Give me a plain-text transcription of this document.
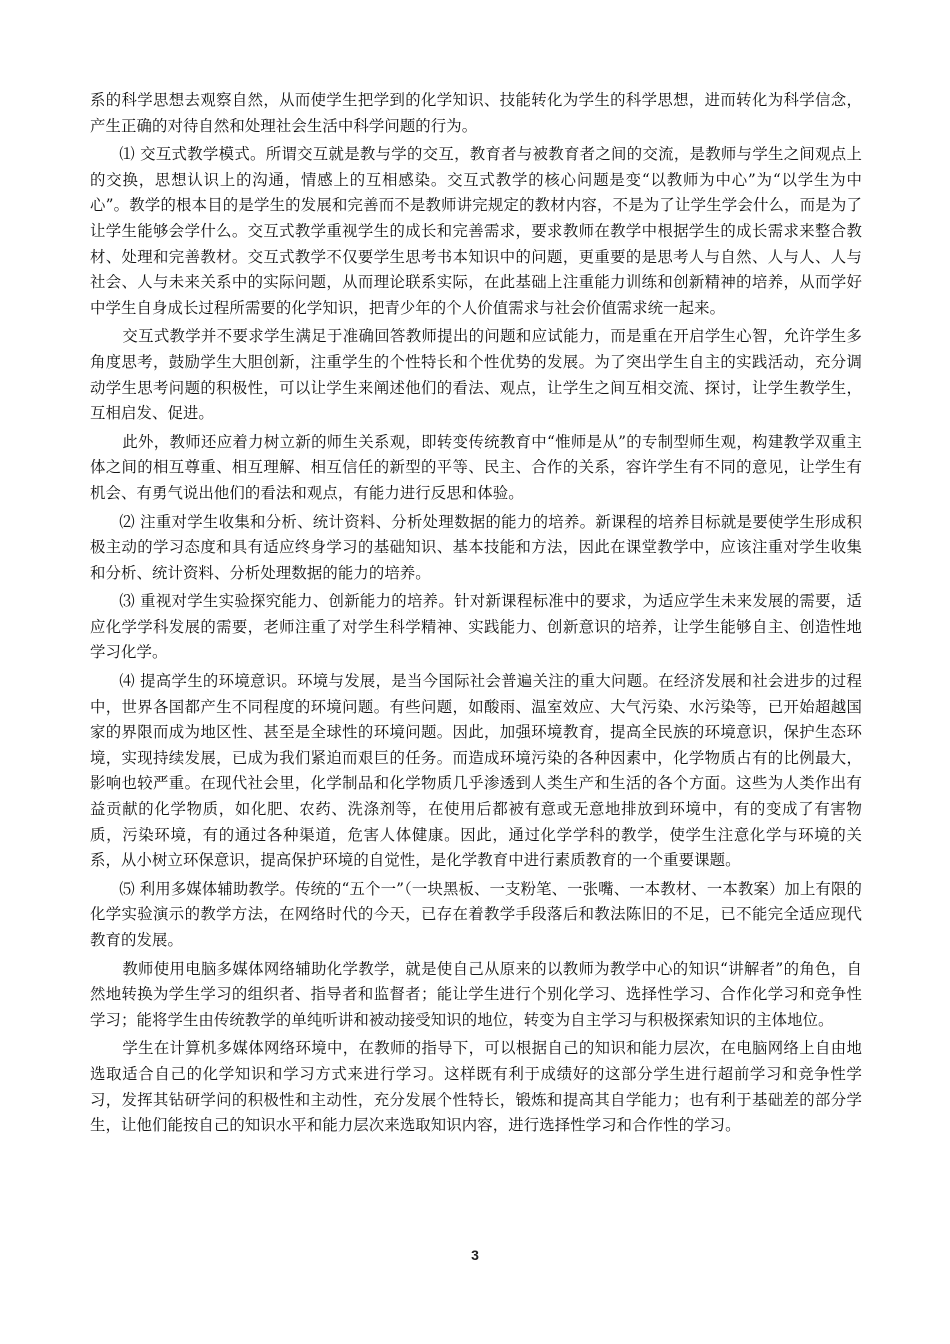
系的科学思想去观察自然，从而使学生把学到的化学知识、技能转化为学生的科学思想，进而转化为科学信念，产生正确的对待自然和处理社会生活中科学问题的行为。

⑴ 交互式教学模式。所谓交互就是教与学的交互，教育者与被教育者之间的交流，是教师与学生之间观点上的交换，思想认识上的沟通，情感上的互相感染。交互式教学的核心问题是变“以教师为中心”为“以学生为中心”。教学的根本目的是学生的发展和完善而不是教师讲完规定的教材内容，不是为了让学生学会什么，而是为了让学生能够会学什么。交互式教学重视学生的成长和完善需求，要求教师在教学中根据学生的成长需求来整合教材、处理和完善教材。交互式教学不仅要学生思考书本知识中的问题，更重要的是思考人与自然、人与人、人与社会、人与未来关系中的实际问题，从而理论联系实际，在此基础上注重能力训练和创新精神的培养，从而学好中学生自身成长过程所需要的化学知识，把青少年的个人价值需求与社会价值需求统一起来。

交互式教学并不要求学生满足于准确回答教师提出的问题和应试能力，而是重在开启学生心智，允许学生多角度思考，鼓励学生大胆创新，注重学生的个性特长和个性优势的发展。为了突出学生自主的实践活动，充分调动学生思考问题的积极性，可以让学生来阐述他们的看法、观点，让学生之间互相交流、探讨，让学生教学生，互相启发、促进。

此外，教师还应着力树立新的师生关系观，即转变传统教育中“惟师是从”的专制型师生观，构建教学双重主体之间的相互尊重、相互理解、相互信任的新型的平等、民主、合作的关系，容许学生有不同的意见，让学生有机会、有勇气说出他们的看法和观点，有能力进行反思和体验。

⑵ 注重对学生收集和分析、统计资料、分析处理数据的能力的培养。新课程的培养目标就是要使学生形成积极主动的学习态度和具有适应终身学习的基础知识、基本技能和方法，因此在课堂教学中，应该注重对学生收集和分析、统计资料、分析处理数据的能力的培养。

⑶ 重视对学生实验探究能力、创新能力的培养。针对新课程标准中的要求，为适应学生未来发展的需要，适应化学学科发展的需要，老师注重了对学生科学精神、实践能力、创新意识的培养，让学生能够自主、创造性地学习化学。

⑷ 提高学生的环境意识。环境与发展，是当今国际社会普遍关注的重大问题。在经济发展和社会进步的过程中，世界各国都产生不同程度的环境问题。有些问题，如酸雨、温室效应、大气污染、水污染等，已开始超越国家的界限而成为地区性、甚至是全球性的环境问题。因此，加强环境教育，提高全民族的环境意识，保护生态环境，实现持续发展，已成为我们紧迫而艰巨的任务。而造成环境污染的各种因素中，化学物质占有的比例最大，影响也较严重。在现代社会里，化学制品和化学物质几乎渗透到人类生产和生活的各个方面。这些为人类作出有益贡献的化学物质，如化肥、农药、洗涤剂等，在使用后都被有意或无意地排放到环境中，有的变成了有害物质，污染环境，有的通过各种渠道，危害人体健康。因此，通过化学学科的教学，使学生注意化学与环境的关系，从小树立环保意识，提高保护环境的自觉性，是化学教育中进行素质教育的一个重要课题。

⑸ 利用多媒体辅助教学。传统的“五个一”（一块黑板、一支粉笔、一张嘴、一本教材、一本教案）加上有限的化学实验演示的教学方法，在网络时代的今天，已存在着教学手段落后和教法陈旧的不足，已不能完全适应现代教育的发展。

教师使用电脑多媒体网络辅助化学教学，就是使自己从原来的以教师为教学中心的知识“讲解者”的角色，自然地转换为学生学习的组织者、指导者和监督者；能让学生进行个别化学习、选择性学习、合作化学习和竞争性学习；能将学生由传统教学的单纯听讲和被动接受知识的地位，转变为自主学习与积极探索知识的主体地位。

学生在计算机多媒体网络环境中，在教师的指导下，可以根据自己的知识和能力层次，在电脑网络上自由地选取适合自己的化学知识和学习方式来进行学习。这样既有利于成绩好的这部分学生进行超前学习和竞争性学习，发挥其钻研学问的积极性和主动性，充分发展个性特长，锻炼和提高其自学能力；也有利于基础差的部分学生，让他们能按自己的知识水平和能力层次来选取知识内容，进行选择性学习和合作性的学习。

3
